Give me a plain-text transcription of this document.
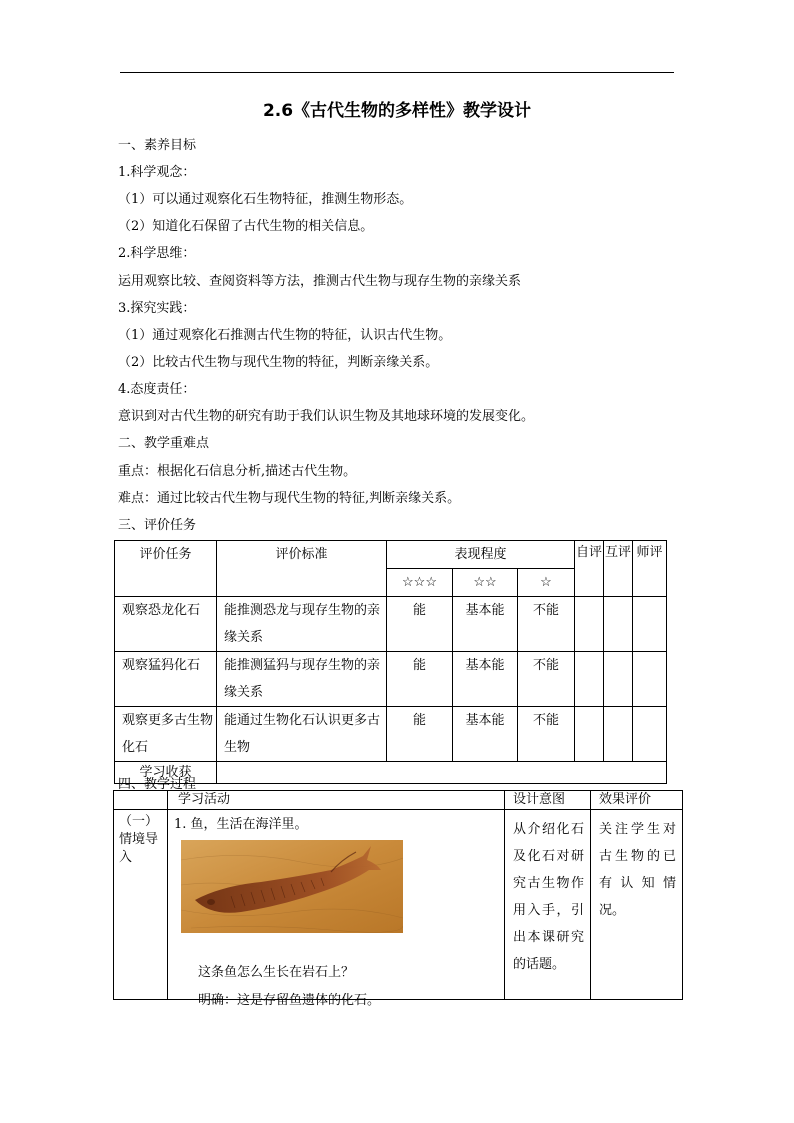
2.6《古代生物的多样性》教学设计
一、素养目标
1.科学观念：
（1）可以通过观察化石生物特征，推测生物形态。
（2）知道化石保留了古代生物的相关信息。
2.科学思维：
运用观察比较、查阅资料等方法，推测古代生物与现存生物的亲缘关系
3.探究实践：
（1）通过观察化石推测古代生物的特征，认识古代生物。
（2）比较古代生物与现代生物的特征，判断亲缘关系。
4.态度责任：
意识到对古代生物的研究有助于我们认识生物及其地球环境的发展变化。
二、教学重难点
重点：根据化石信息分析,描述古代生物。
难点：通过比较古代生物与现代生物的特征,判断亲缘关系。
三、评价任务
评价任务	评价标准	表现程度			自评	互评	师评
		☆☆☆	☆☆	☆			
观察恐龙化石	能推测恐龙与现存生物的亲缘关系	能	基本能	不能			
观察猛犸化石	能推测猛犸与现存生物的亲缘关系	能	基本能	不能			
观察更多古生物化石	能通过生物化石认识更多古生物	能	基本能	不能			
学习收获							
四、教学过程
	学习活动	设计意图	效果评价
（一）情境导入	1. 鱼，生活在海洋里。
这条鱼怎么生长在岩石上？
明确：这是存留鱼遗体的化石。	从介绍化石及化石对研究古生物作用入手，引出本课研究的话题。	关注学生对古生物的已有认知情况。
